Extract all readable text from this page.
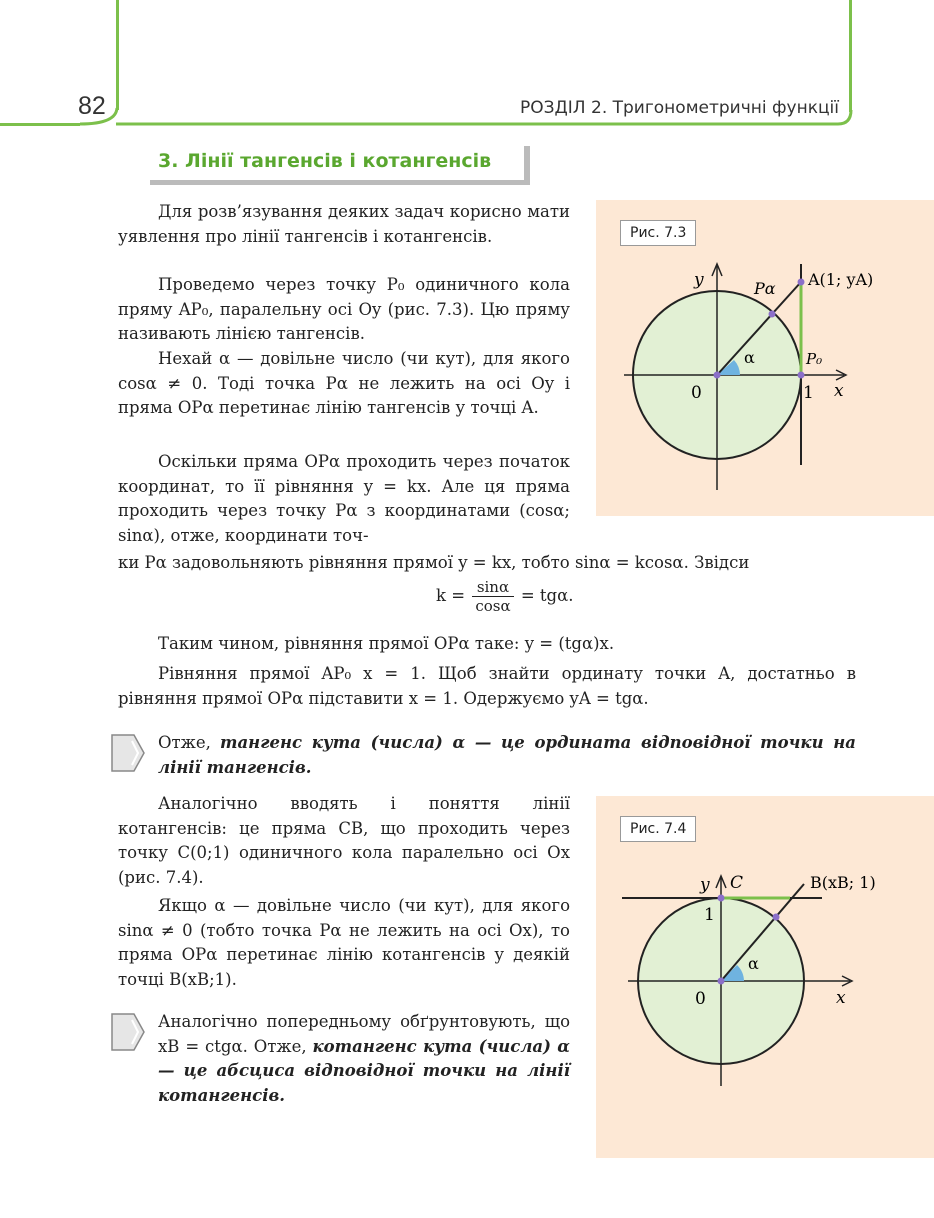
82	РОЗДІЛ 2. Тригонометричні функції
3. Лінії тангенсів і котангенсів

Для розв’язування деяких задач корисно мати уявлення про лінії тангенсів і котангенсів.

Проведемо через точку P₀ одиничного кола пряму AP₀, паралельну осі Oy (рис. 7.3). Цю пряму називають лінією тангенсів.

Нехай α — довільне число (чи кут), для якого cosα ≠ 0. Тоді точка Pα не лежить на осі Oy і пряма OPα перетинає лінію тангенсів у точці A.

Оскільки пряма OPα проходить через початок координат, то її рівняння y = kx. Але ця пряма проходить через точку Pα з координатами (cosα; sinα), отже, координати точ-

ки Pα задовольняють рівняння прямої y = kx, тобто sinα = kcosα. Звідси

$k = \frac{\sin\alpha}{\cos\alpha} = tg\alpha$.

Таким чином, рівняння прямої OPα таке: y = (tgα)x.

Рівняння прямої AP₀ x = 1. Щоб знайти ординату точки A, достатньо в рівняння прямої OPα підставити x = 1. Одержуємо yA = tgα.

Отже, тангенс кута (числа) α — це ордината відповідної точки на лінії тангенсів.

Аналогічно вводять і поняття лінії котангенсів: це пряма CB, що проходить через точку C(0;1) одиничного кола паралельно осі Ox (рис. 7.4).

Якщо α — довільне число (чи кут), для якого sinα ≠ 0 (тобто точка Pα не лежить на осі Ox), то пряма OPα перетинає лінію котангенсів у деякій точці B(xB;1).

Аналогічно попередньому обґрунтовують, що xB = ctgα. Отже, котангенс кута (числа) α — це абсциса відповідної точки на лінії котангенсів.

Рис. 7.3
y
x
Pα A(1; yA)
α	P₀
0	1
Рис. 7.4
y C	B(xB; 1)
1
α
0	x
